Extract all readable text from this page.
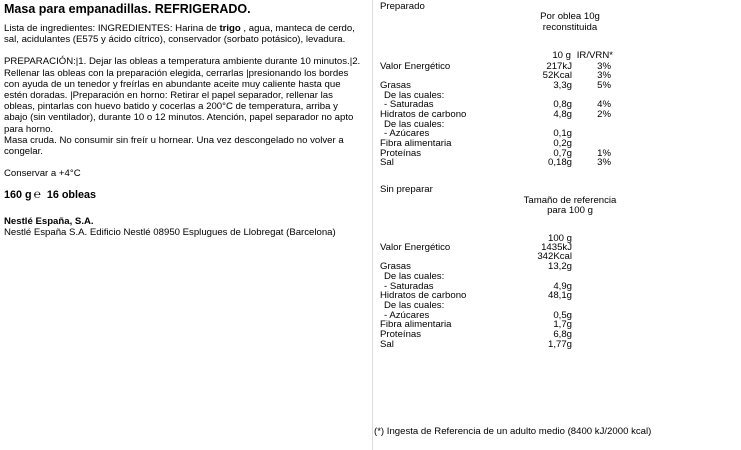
Masa para empanadillas. REFRIGERADO.

Lista de ingredientes: INGREDIENTES: Harina de trigo , agua, manteca de cerdo, sal, acidulantes (E575 y ácido cítrico), conservador (sorbato potásico), levadura.

PREPARACIÓN:|1. Dejar las obleas a temperatura ambiente durante 10 minutos.|2. Rellenar las obleas con la preparación elegida, cerrarlas |presionando los bordes con ayuda de un tenedor y freírlas en abundante aceite muy caliente hasta que estén doradas. |Preparación en horno: Retirar el papel separador, rellenar las obleas, pintarlas con huevo batido y cocerlas a 200°C de temperatura, arriba y abajo (sin ventilador), durante 10 o 12 minutos. Atención, papel separador no apto para horno.

Masa cruda. No consumir sin freír u hornear. Una vez descongelado no volver a congelar.

Conservar a +4°C

160 g ℮ 16 obleas

Nestlé España, S.A.

Nestlé España S.A. Edificio Nestlé 08950 Esplugues de Llobregat (Barcelona)

Preparado
Por oblea 10g
reconstituida
10 g IR/VRN*
Valor Energético	217kJ	3%
52Kcal	3%
Grasas	3,3g	5%
De las cuales:
- Saturadas	0,8g	4%
Hidratos de carbono	4,8g	2%
De las cuales:
- Azúcares	0,1g
Fibra alimentaria	0,2g
Proteínas	0,7g	1%
Sal	0,18g	3%
Sin preparar
Tamaño de referencia
para 100 g
100 g
Valor Energético	1435kJ
342Kcal
Grasas	13,2g
De las cuales:
- Saturadas	4,9g
Hidratos de carbono	48,1g
De las cuales:
- Azúcares	0,5g
Fibra alimentaria	1,7g
Proteínas	6,8g
Sal	1,77g
(*) Ingesta de Referencia de un adulto medio (8400 kJ/2000 kcal)
